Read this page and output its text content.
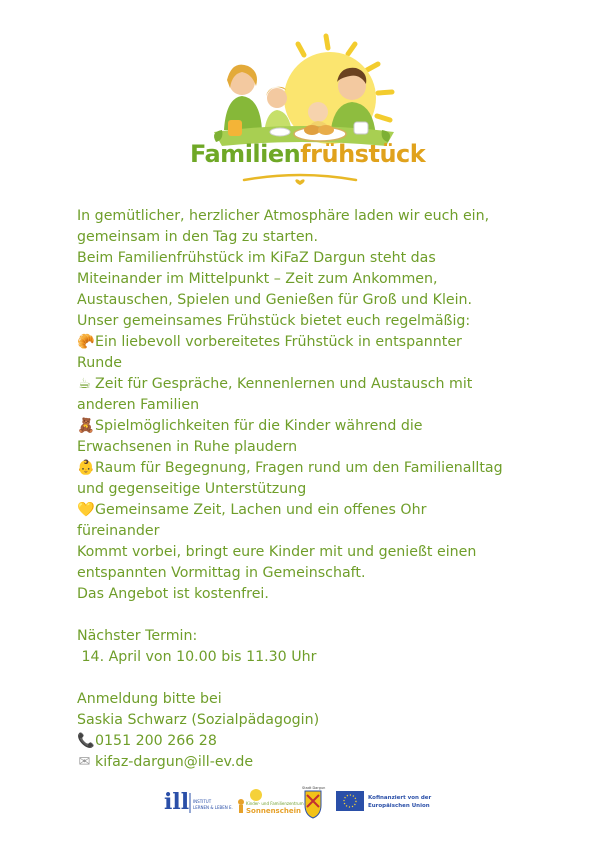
Familienfrühstück

In gemütlicher, herzlicher Atmosphäre laden wir euch ein,

gemeinsam in den Tag zu starten.

Beim Familienfrühstück im KiFaZ Dargun steht das

Miteinander im Mittelpunkt – Zeit zum Ankommen,

Austauschen, Spielen und Genießen für Groß und Klein.

Unser gemeinsames Frühstück bietet euch regelmäßig:

🥐Ein liebevoll vorbereitetes Frühstück in entspannter

Runde

☕ Zeit für Gespräche, Kennenlernen und Austausch mit

anderen Familien

🧸Spielmöglichkeiten für die Kinder während die

Erwachsenen in Ruhe plaudern

👶Raum für Begegnung, Fragen rund um den Familienalltag

und gegenseitige Unterstützung

💛Gemeinsame Zeit, Lachen und ein offenes Ohr

füreinander

Kommt vorbei, bringt eure Kinder mit und genießt einen

entspannten Vormittag in Gemeinschaft.

Das Angebot ist kostenfrei.

Nächster Termin:

14. April von 10.00 bis 11.30 Uhr

Anmeldung bitte bei

Saskia Schwarz (Sozialpädagogin)

📞0151 200 266 28

✉ kifaz-dargun@ill-ev.de

ill INSTITUT
LERNEN & LEBEN E.
Kinder- und Familienzentrum
Sonnenschein
Stadt Dargun
Kofinanziert von der
Europäischen Union
